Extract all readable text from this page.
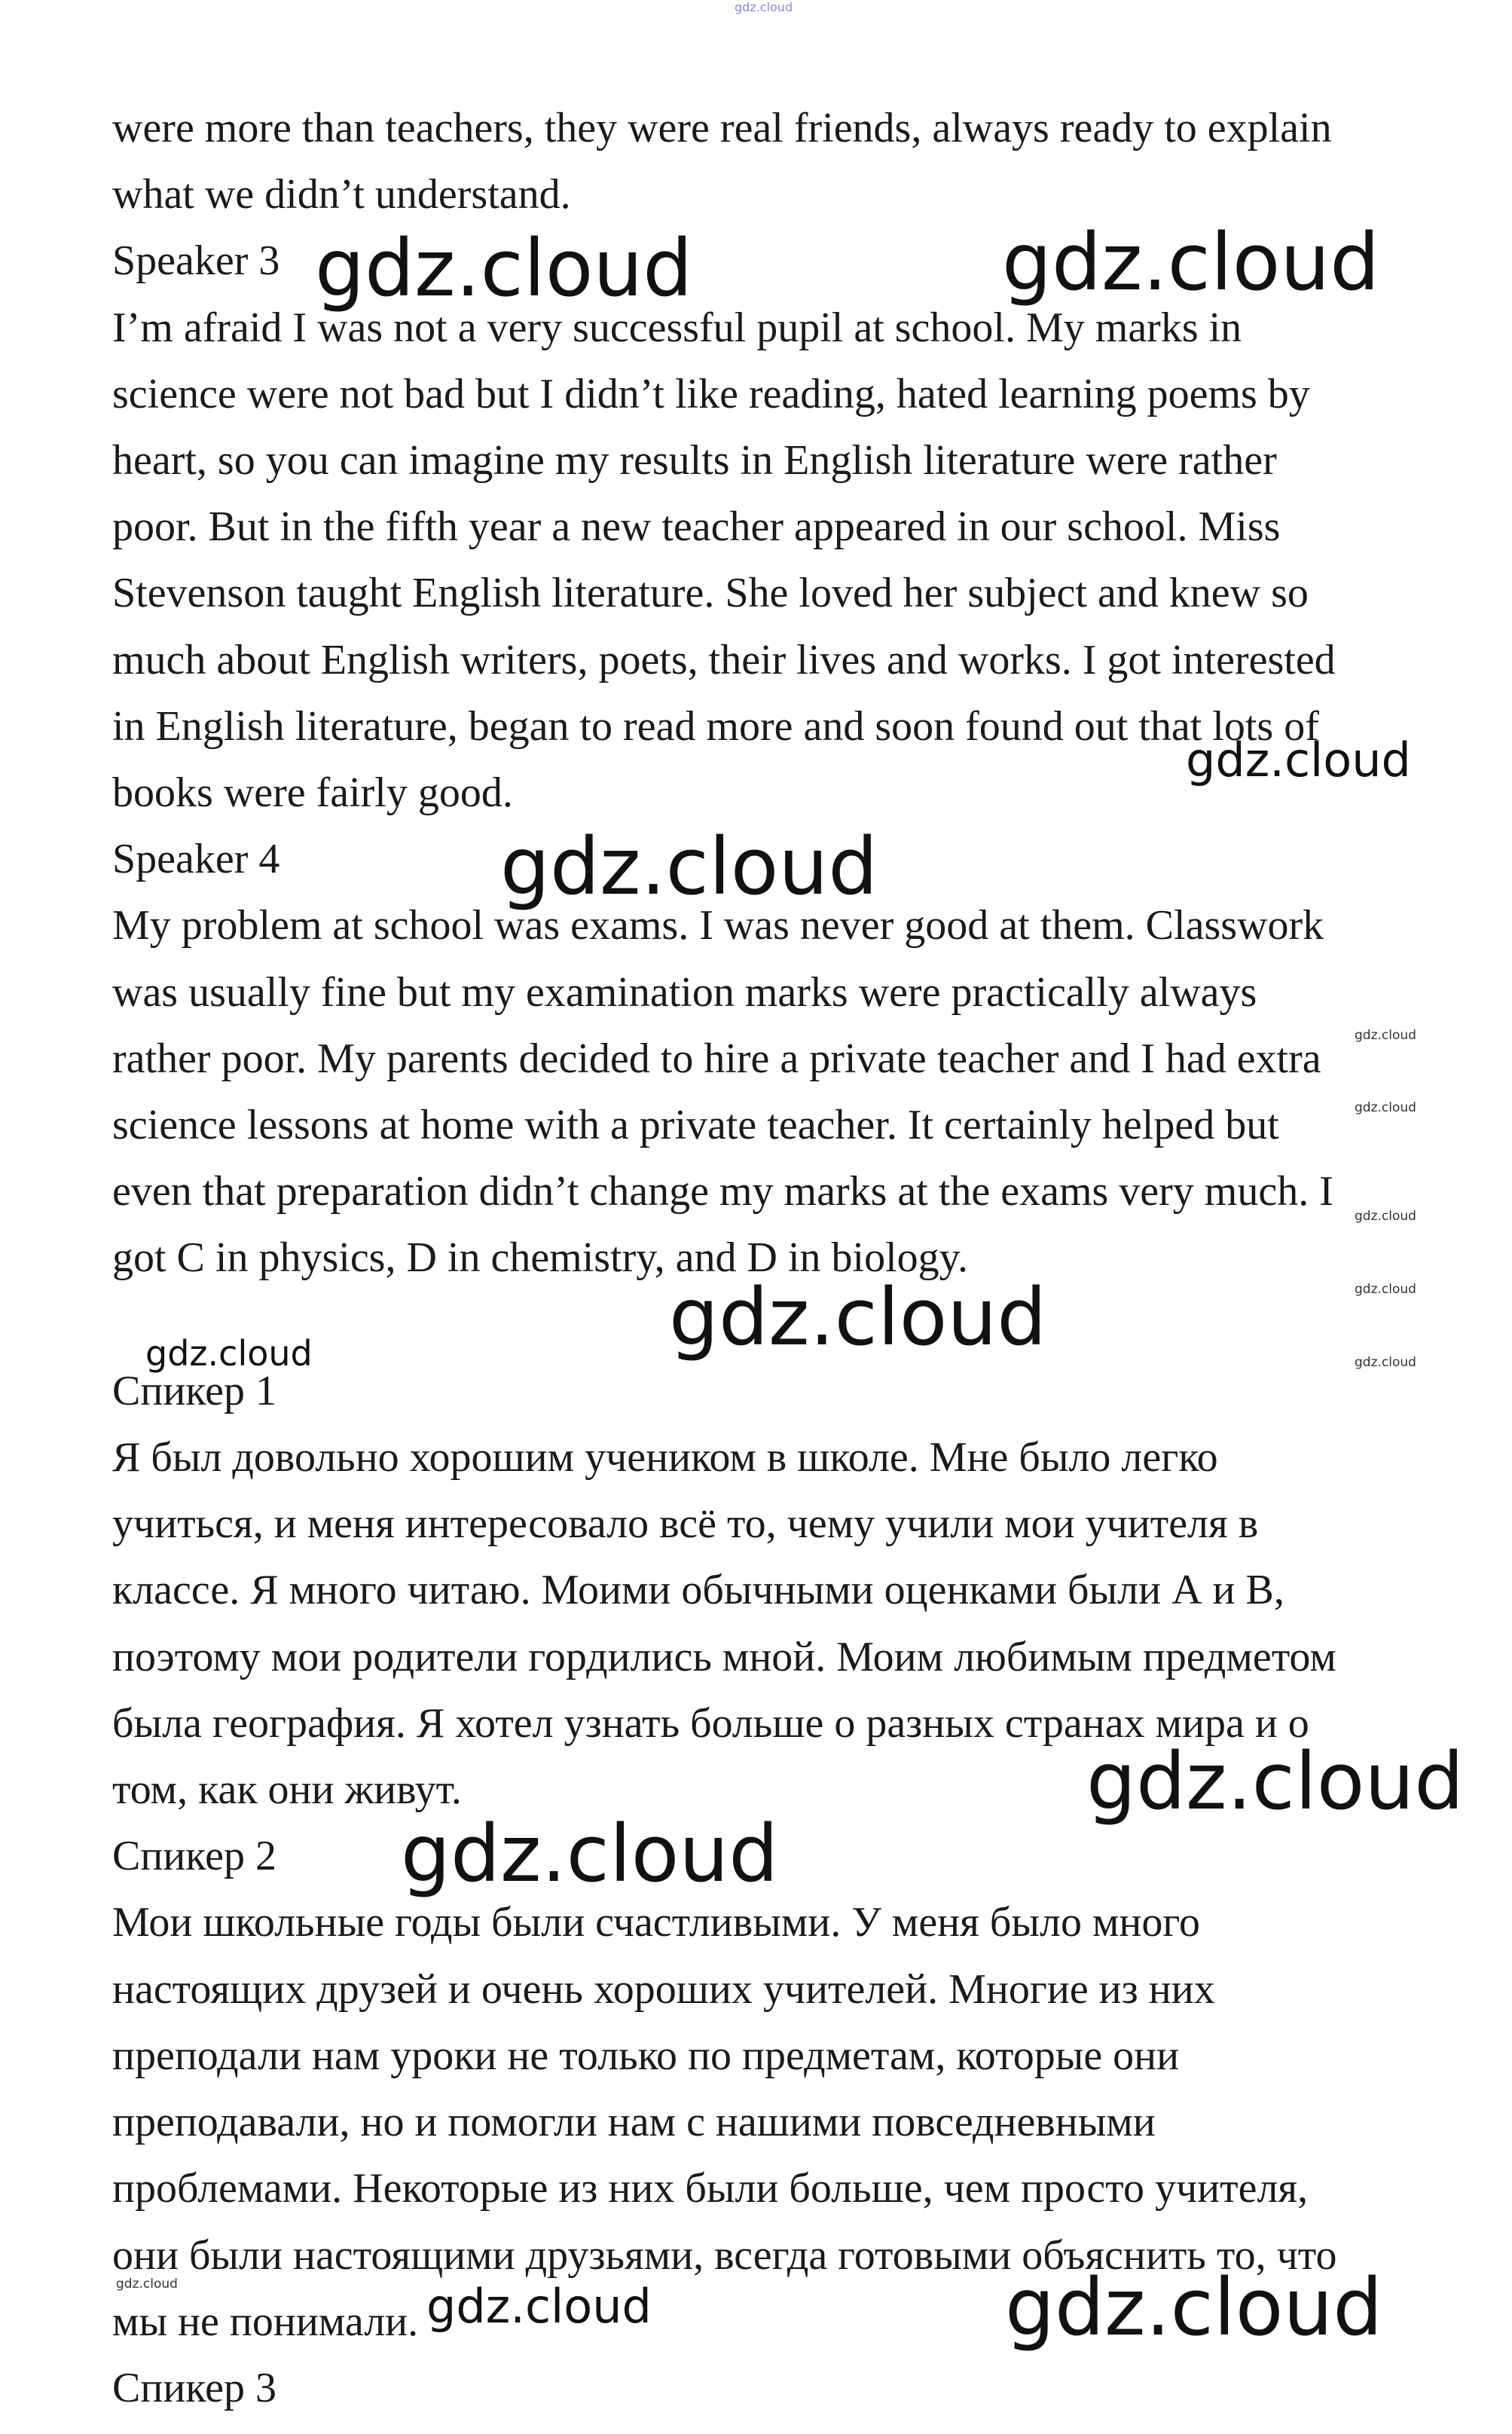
were more than teachers, they were real friends, always ready to explain
what we didn’t understand.
Speaker 3
I’m afraid I was not a very successful pupil at school. My marks in
science were not bad but I didn’t like reading, hated learning poems by
heart, so you can imagine my results in English literature were rather
poor. But in the fifth year a new teacher appeared in our school. Miss
Stevenson taught English literature. She loved her subject and knew so
much about English writers, poets, their lives and works. I got interested
in English literature, began to read more and soon found out that lots of
books were fairly good.
Speaker 4
My problem at school was exams. I was never good at them. Classwork
was usually fine but my examination marks were practically always
rather poor. My parents decided to hire a private teacher and I had extra
science lessons at home with a private teacher. It certainly helped but
even that preparation didn’t change my marks at the exams very much. I
got C in physics, D in chemistry, and D in biology.

Спикер 1
Я был довольно хорошим учеником в школе. Мне было легко
учиться, и меня интересовало всё то, чему учили мои учителя в
классе. Я много читаю. Моими обычными оценками были А и В,
поэтому мои родители гордились мной. Моим любимым предметом
была география. Я хотел узнать больше о разных странах мира и о
том, как они живут.
Спикер 2
Мои школьные годы были счастливыми. У меня было много
настоящих друзей и очень хороших учителей. Многие из них
преподали нам уроки не только по предметам, которые они
преподавали, но и помогли нам с нашими повседневными
проблемами. Некоторые из них были больше, чем просто учителя,
они были настоящими друзьями, всегда готовыми объяснить то, что
мы не понимали.
Спикер 3
gdz.cloud
gdz.cloud	gdz.cloud
gdz.cloud
gdz.cloud
gdz.cloud
gdz.cloud
gdz.cloud
gdz.cloud
gdz.cloud
gdz.cloud
gdz.cloud
gdz.cloud
gdz.cloud
gdz.cloud	gdz.cloud	gdz.cloud
